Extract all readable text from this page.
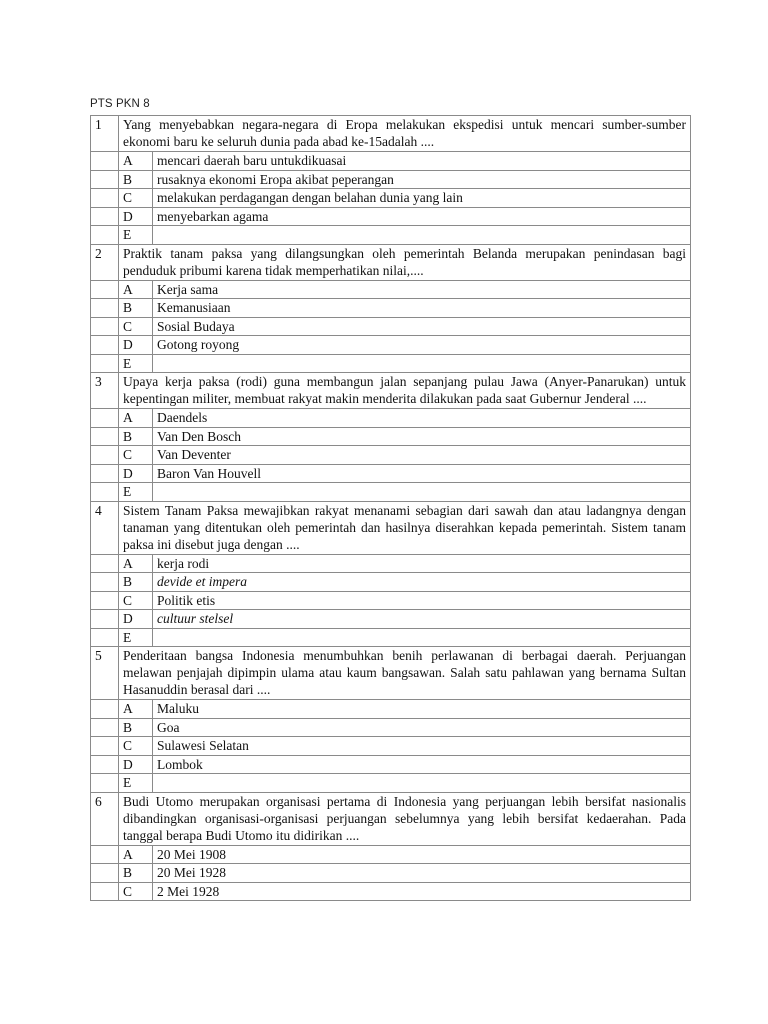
PTS PKN 8
1	Yang menyebabkan negara-negara di Eropa melakukan ekspedisi untuk mencari sumber-sumber ekonomi baru ke seluruh dunia pada abad ke-15adalah ....	
	A	mencari daerah baru untukdikuasai
	B	rusaknya ekonomi Eropa akibat peperangan
	C	melakukan perdagangan dengan belahan dunia yang lain
	D	menyebarkan agama
	E	
2	Praktik tanam paksa yang dilangsungkan oleh pemerintah Belanda merupakan penindasan bagi penduduk pribumi karena tidak memperhatikan nilai,....	
	A	Kerja sama
	B	Kemanusiaan
	C	Sosial Budaya
	D	Gotong royong
	E	
3	Upaya kerja paksa (rodi) guna membangun jalan sepanjang pulau Jawa (Anyer-Panarukan) untuk kepentingan militer, membuat rakyat makin menderita dilakukan pada saat Gubernur Jenderal ....	
	A	Daendels
	B	Van Den Bosch
	C	Van Deventer
	D	Baron Van Houvell
	E	
4	Sistem Tanam Paksa mewajibkan rakyat menanami sebagian dari sawah dan atau ladangnya dengan tanaman yang ditentukan oleh pemerintah dan hasilnya diserahkan kepada pemerintah. Sistem tanam paksa ini disebut juga dengan ....	
	A	kerja rodi
	B	devide et impera
	C	Politik etis
	D	cultuur stelsel
	E	
5	Penderitaan bangsa Indonesia menumbuhkan benih perlawanan di berbagai daerah. Perjuangan melawan penjajah dipimpin ulama atau kaum bangsawan. Salah satu pahlawan yang bernama Sultan Hasanuddin berasal dari ....	
	A	Maluku
	B	Goa
	C	Sulawesi Selatan
	D	Lombok
	E	
6	Budi Utomo merupakan organisasi pertama di Indonesia yang perjuangan lebih bersifat nasionalis dibandingkan organisasi-organisasi perjuangan sebelumnya yang lebih bersifat kedaerahan. Pada tanggal berapa Budi Utomo itu didirikan ....	
	A	20 Mei 1908
	B	20 Mei 1928
	C	2 Mei 1928
